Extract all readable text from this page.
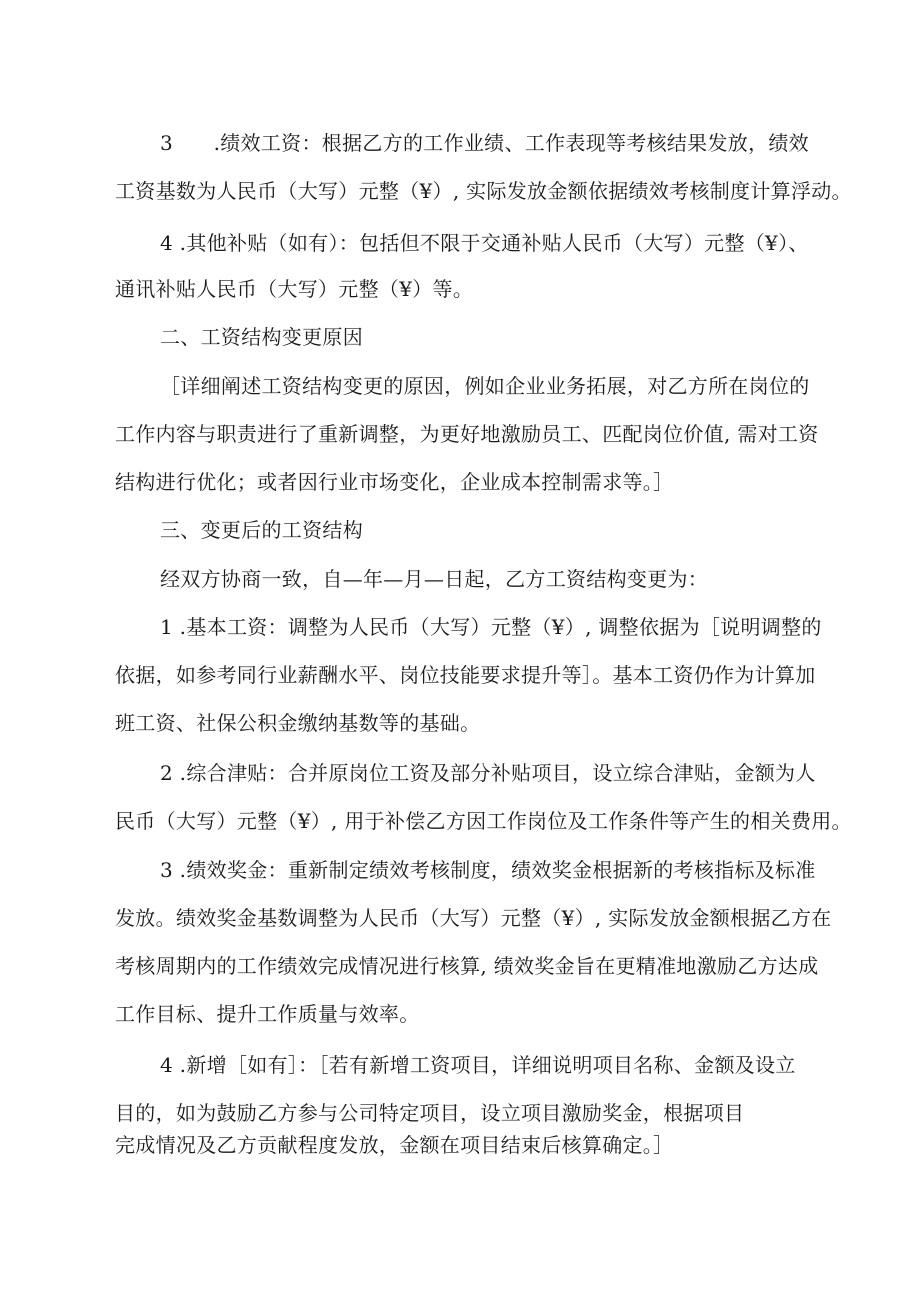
3　　.绩效工资：根据乙方的工作业绩、工作表现等考核结果发放，绩效
工资基数为人民币（大写）元整（¥）, 实际发放金额依据绩效考核制度计算浮动。
4 .其他补贴（如有）：包括但不限于交通补贴人民币（大写）元整（¥）、
通讯补贴人民币（大写）元整（¥）等。
二、工资结构变更原因
［详细阐述工资结构变更的原因，例如企业业务拓展，对乙方所在岗位的
工作内容与职责进行了重新调整，为更好地激励员工、匹配岗位价值, 需对工资
结构进行优化；或者因行业市场变化，企业成本控制需求等。］
三、变更后的工资结构
经双方协商一致，自—年—月—日起，乙方工资结构变更为：
1 .基本工资：调整为人民币（大写）元整（¥）, 调整依据为［说明调整的
依据，如参考同行业薪酬水平、岗位技能要求提升等］。基本工资仍作为计算加
班工资、社保公积金缴纳基数等的基础。
2 .综合津贴：合并原岗位工资及部分补贴项目，设立综合津贴，金额为人
民币（大写）元整（¥）, 用于补偿乙方因工作岗位及工作条件等产生的相关费用。
3 .绩效奖金：重新制定绩效考核制度，绩效奖金根据新的考核指标及标准
发放。绩效奖金基数调整为人民币（大写）元整（¥）, 实际发放金额根据乙方在
考核周期内的工作绩效完成情况进行核算, 绩效奖金旨在更精准地激励乙方达成
工作目标、提升工作质量与效率。
4 .新增［如有］：［若有新增工资项目，详细说明项目名称、金额及设立
目的，如为鼓励乙方参与公司特定项目，设立项目激励奖金，根据项目
完成情况及乙方贡献程度发放，金额在项目结束后核算确定。］
